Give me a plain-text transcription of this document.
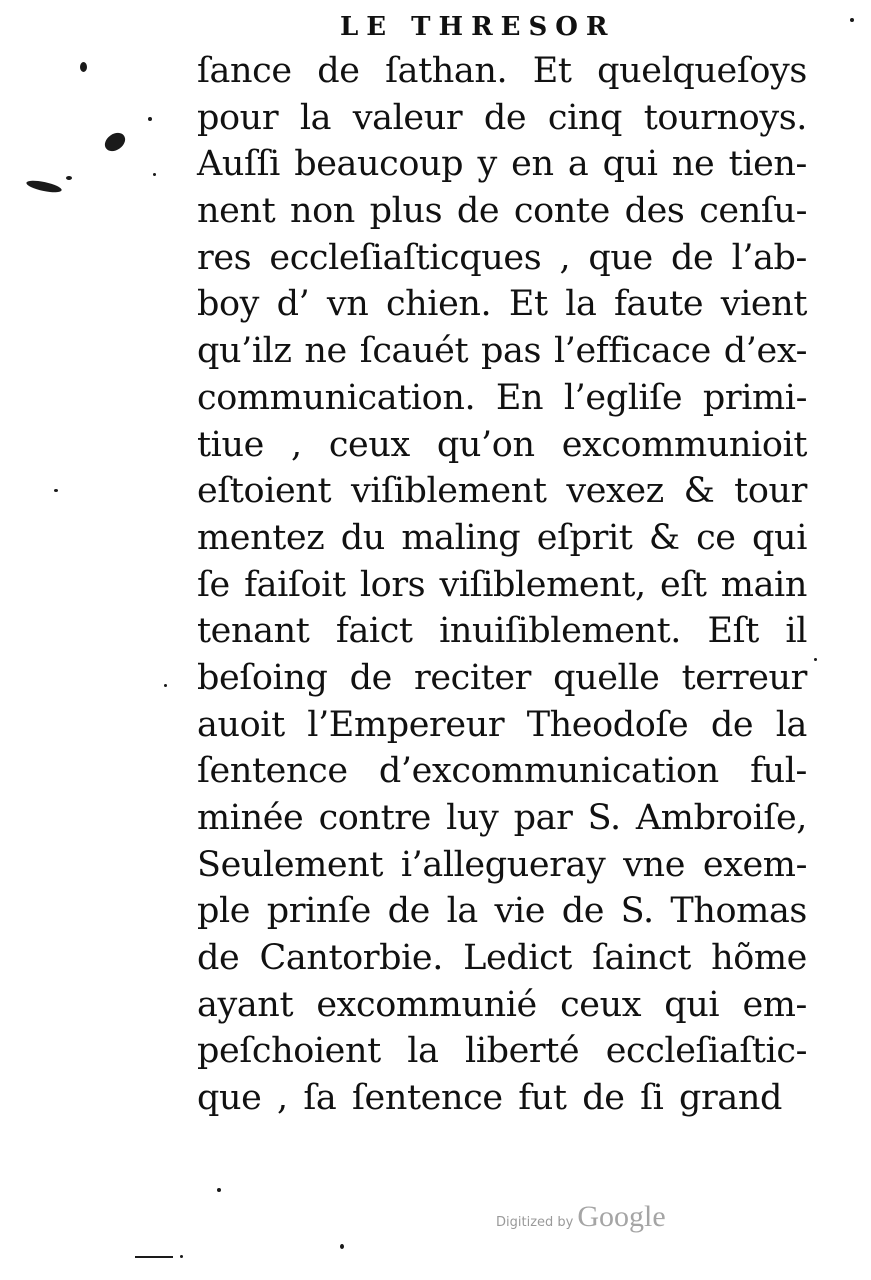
LE THRESOR
ſance de ſathan. Et quelqueſoys
pour la valeur de cinq tournoys.
Auſſi beaucoup y en a qui ne tien-
nent non plus de conte des cenſu-
res eccleſiaſticques , que de l’ab-
boy d’ vn chien. Et la faute vient
qu’ilz ne ſcauét pas l’efficace d’ex-
communication. En l’egliſe primi-
tiue , ceux qu’on excommunioit
eſtoient viſiblement vexez & tour
mentez du maling eſprit & ce qui
ſe faiſoit lors viſiblement, eſt main
tenant faict inuiſiblement. Eſt il
beſoing de reciter quelle terreur
auoit l’Empereur Theodoſe de la
ſentence d’excommunication ful-
minée contre luy par S. Ambroiſe,
Seulement i’allegueray vne exem-
ple prinſe de la vie de S. Thomas
de Cantorbie. Ledict ſainct hõme
ayant excommunié ceux qui em-
peſchoient la liberté eccleſiaſtic-
que , ſa ſentence fut de ſi grand
Digitized by Google
